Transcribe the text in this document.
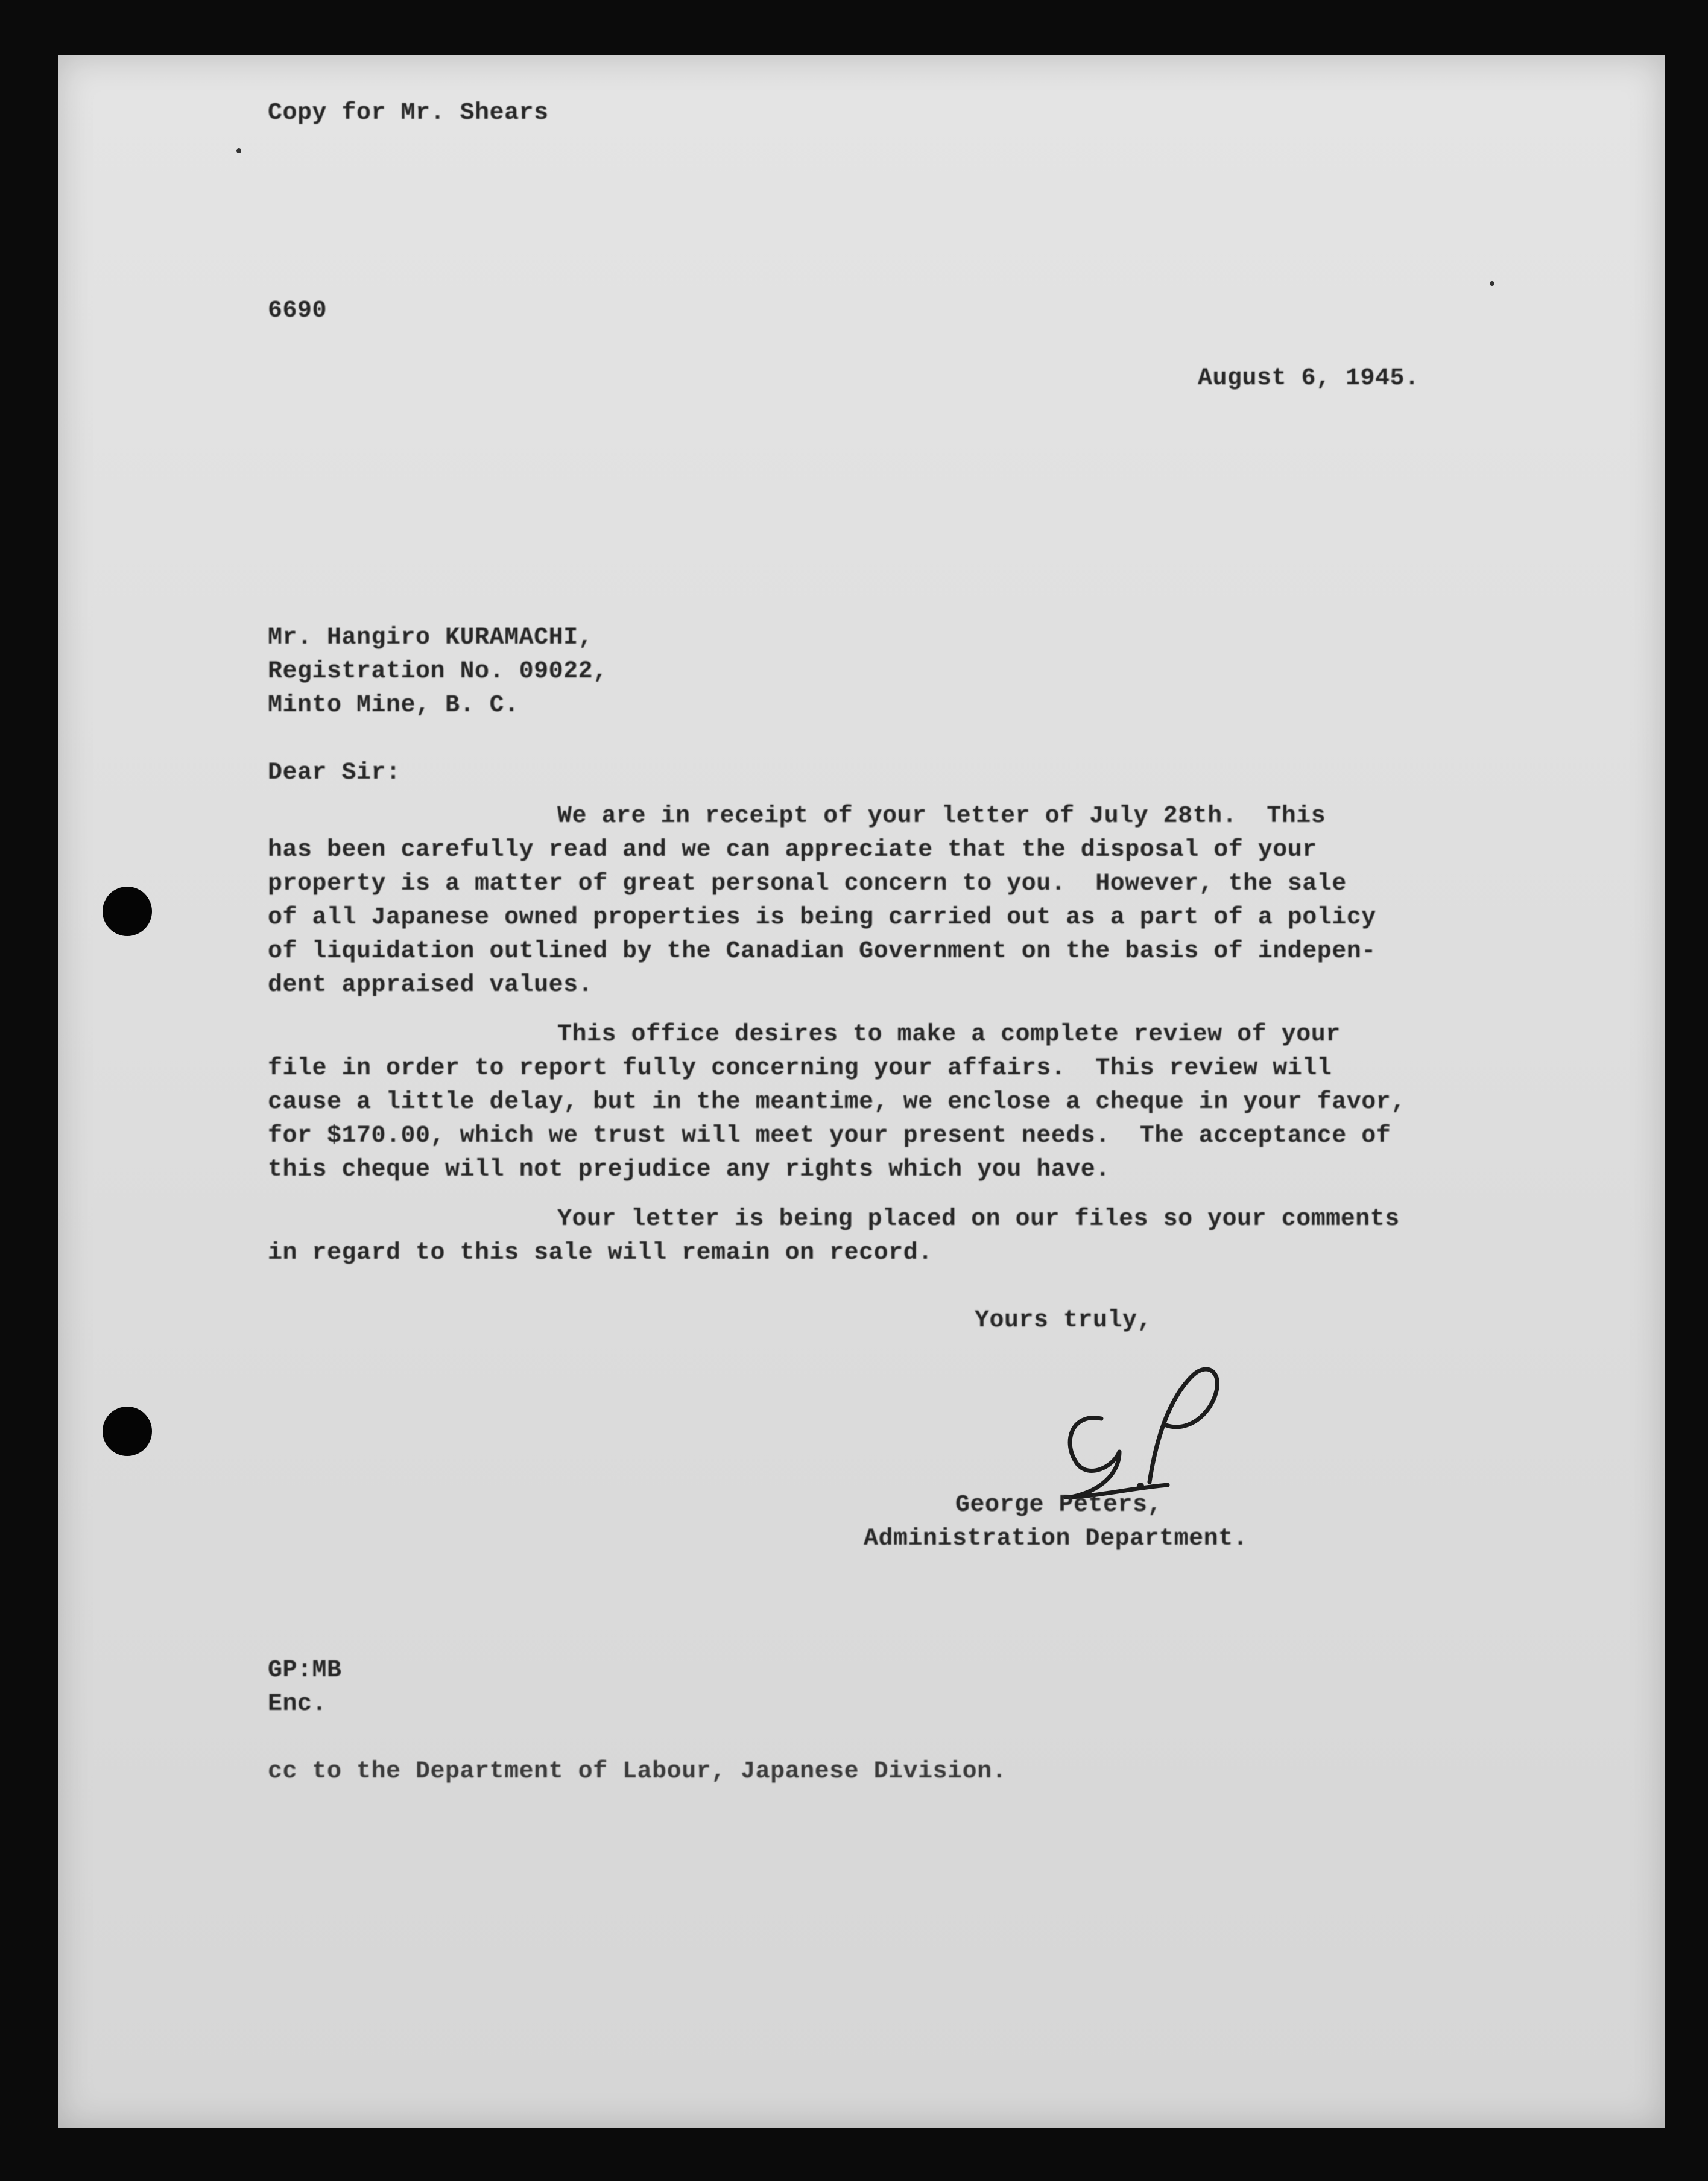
Copy for Mr. Shears
6690
August 6, 1945.
Mr. Hangiro KURAMACHI,
Registration No. 09022,
Minto Mine, B. C.
Dear Sir:
We are in receipt of your letter of July 28th.  This
has been carefully read and we can appreciate that the disposal of your
property is a matter of great personal concern to you.  However, the sale
of all Japanese owned properties is being carried out as a part of a policy
of liquidation outlined by the Canadian Government on the basis of indepen-
dent appraised values.
This office desires to make a complete review of your
file in order to report fully concerning your affairs.  This review will
cause a little delay, but in the meantime, we enclose a cheque in your favor,
for $170.00, which we trust will meet your present needs.  The acceptance of
this cheque will not prejudice any rights which you have.
Your letter is being placed on our files so your comments
in regard to this sale will remain on record.
Yours truly,
George Peters,
Administration Department.
GP:MB
Enc.
cc to the Department of Labour, Japanese Division.
